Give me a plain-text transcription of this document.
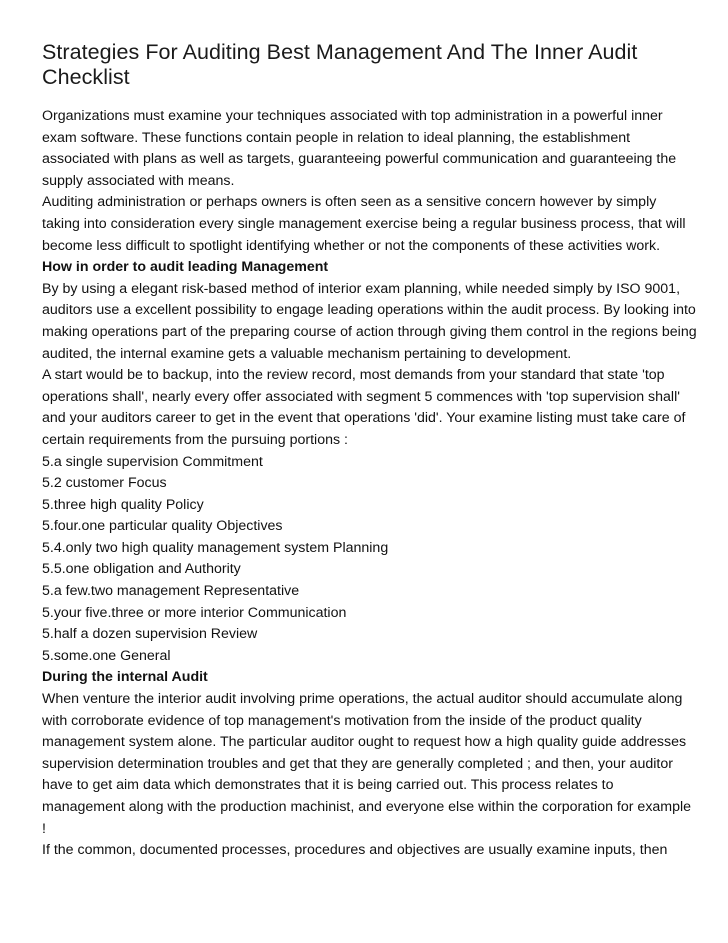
Strategies For Auditing Best Management And The Inner Audit Checklist

Organizations must examine your techniques associated with top administration in a powerful inner exam software. These functions contain people in relation to ideal planning, the establishment associated with plans as well as targets, guaranteeing powerful communication and guaranteeing the supply associated with means.

Auditing administration or perhaps owners is often seen as a sensitive concern however by simply taking into consideration every single management exercise being a regular business process, that will become less difficult to spotlight identifying whether or not the components of these activities work.

How in order to audit leading Management

By by using a elegant risk-based method of interior exam planning, while needed simply by ISO 9001, auditors use a excellent possibility to engage leading operations within the audit process. By looking into making operations part of the preparing course of action through giving them control in the regions being audited, the internal examine gets a valuable mechanism pertaining to development.

A start would be to backup, into the review record, most demands from your standard that state 'top operations shall', nearly every offer associated with segment 5 commences with 'top supervision shall' and your auditors career to get in the event that operations 'did'. Your examine listing must take care of certain requirements from the pursuing portions :

5.a single supervision Commitment

5.2 customer Focus

5.three high quality Policy

5.four.one particular quality Objectives

5.4.only two high quality management system Planning

5.5.one obligation and Authority

5.a few.two management Representative

5.your five.three or more interior Communication

5.half a dozen supervision Review

5.some.one General

During the internal Audit

When venture the interior audit involving prime operations, the actual auditor should accumulate along with corroborate evidence of top management's motivation from the inside of the product quality management system alone. The particular auditor ought to request how a high quality guide addresses supervision determination troubles and get that they are generally completed ; and then, your auditor have to get aim data which demonstrates that it is being carried out. This process relates to management along with the production machinist, and everyone else within the corporation for example !

If the common, documented processes, procedures and objectives are usually examine inputs, then
